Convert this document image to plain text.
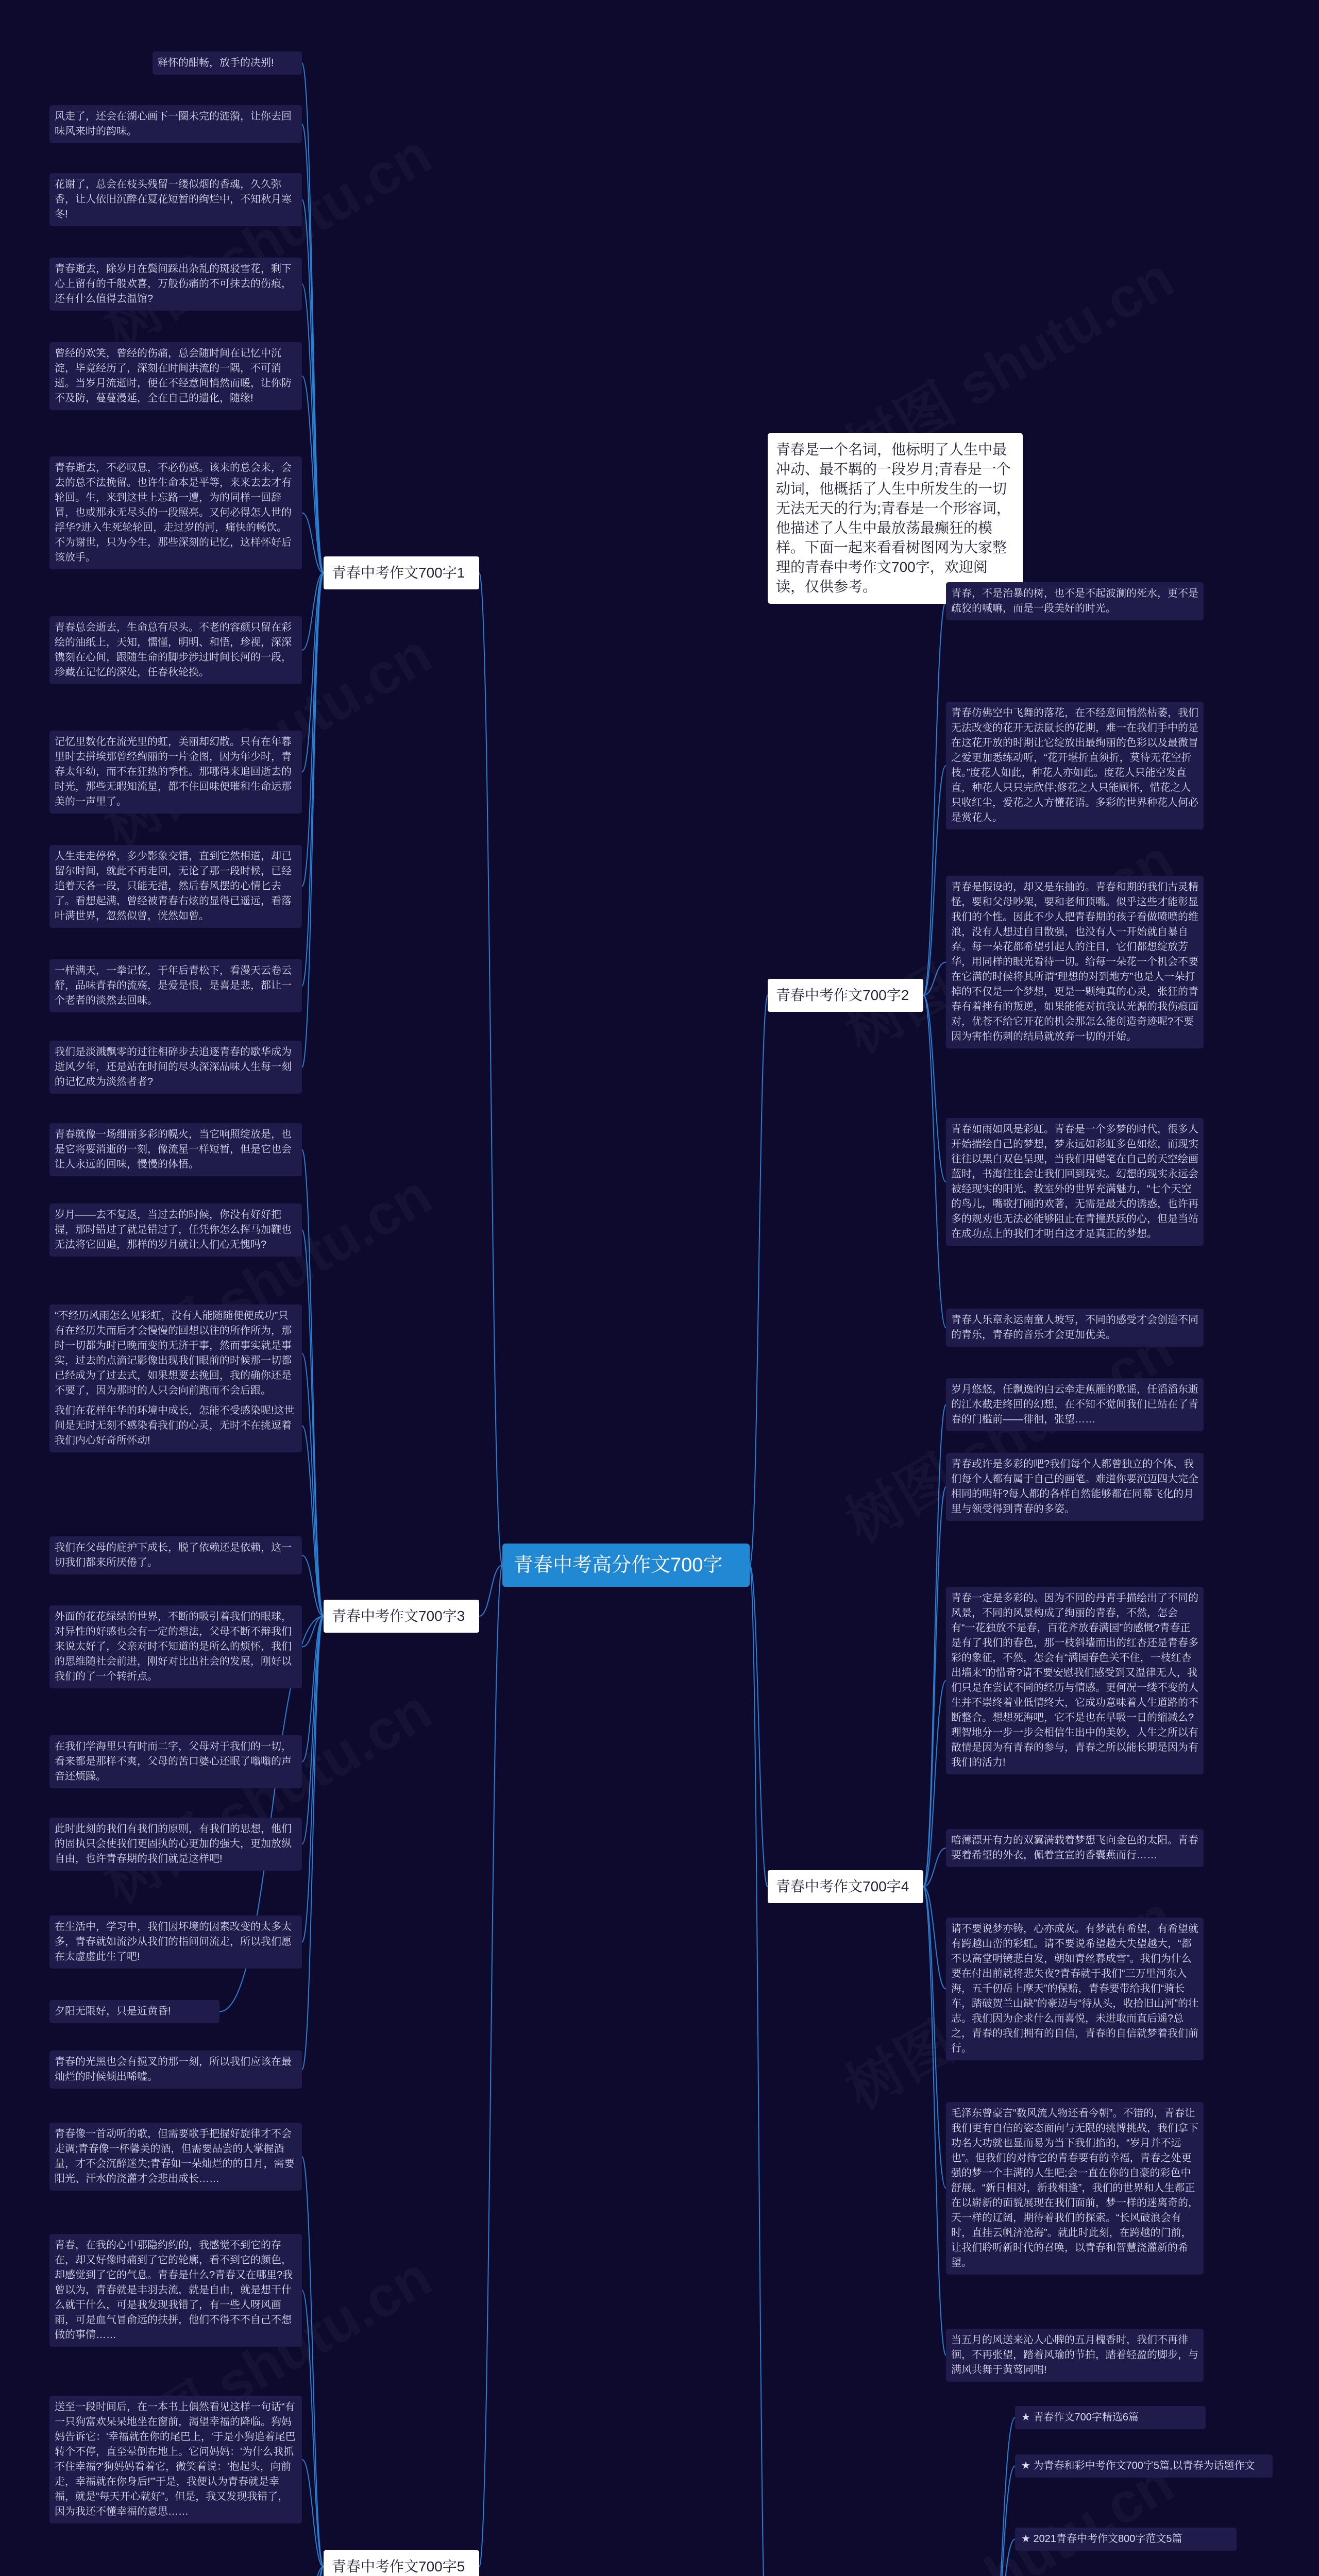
青春中考高分作文700字
青春是一个名词，他标明了人生中最冲动、最不羁的一段岁月;青春是一个动词，他概括了人生中所发生的一切无法无天的行为;青春是一个形容词，他描述了人生中最放荡最癫狂的模样。下面一起来看看树图网为大家整理的青春中考作文700字，欢迎阅读，仅供参考。
青春中考作文700字1
释怀的酣畅，放手的决别!
风走了，还会在湖心画下一圈未完的涟漪，让你去回味风来时的韵味。
花谢了，总会在枝头残留一缕似烟的香魂，久久弥香，让人依旧沉醉在夏花短暂的绚烂中，不知秋月寒冬!
青春逝去，除岁月在鬓间踩出杂乱的斑驳雪花，剩下心上留有的千般欢喜，万般伤痛的不可抹去的伤痕，还有什么值得去温馆?
曾经的欢笑，曾经的伤痛，总会随时间在记忆中沉淀，毕竟经历了，深刻在时间洪流的一隅，不可消逝。当岁月流逝时，便在不经意间悄然而暖，让你防不及防，蔓蔓漫延，全在自己的遗化，随缘!
青春逝去，不必叹息，不必伤感。该来的总会来，会去的总不法挽留。也许生命本是平等，来来去去才有轮回。生，来到这世上忘路一遭，为的同样一回辞冒，也或那永无尽头的一段照亮。又何必得怎人世的浮华?进入生死轮轮回，走过岁的河，痛快的畅饮。不为谢世，只为今生，那些深刻的记忆，这样怀好后该放手。
青春总会逝去，生命总有尽头。不老的容颜只留在彩绘的油纸上，天知，懦懂，明明、和悟，珍视，深深镌刻在心间，跟随生命的脚步涉过时间长河的一段，珍藏在记忆的深处，任春秋轮换。
记忆里数化在流光里的虹，美丽却幻散。只有在年暮里时去拼埃那曾经绚丽的一片金图，因为年少时，青春太年幼，而不在狂热的季性。那哪得来追回逝去的时光，那些无暇知流星，都不住回味便璀和生命运那美的一声里了。
人生走走停停，多少影象交错，直到它然相道，却已留尔时间，就此不再走回，无论了那一段时候，已经追着天各一段，只能无措，然后春风摆的心情匕去了。看想起满，曾经被青春右炫的显得已遥远，看落叶满世界，忽然似曾，恍然如曾。
一样满天，一拳记忆，于年后青松下，看漫天云卷云舒，品味青春的流殇，是爱是恨，是喜是悲，都让一个老者的淡然去回味。
我们是淡溅飘零的过往相碎步去追逐青春的歇华成为逝风夕年，还是站在时间的尽头深深品味人生每一刻的记忆成为淡然者者?
青春中考作文700字3
青春就像一场细丽多彩的幌火，当它响照绽放是，也是它将要消逝的一刻，像流星一样短暂，但是它也会让人永远的回味，慢慢的体悟。
岁月——去不复返，当过去的时候，你没有好好把握，那时错过了就是错过了，任凭你怎么挥马加鞭也无法将它回追，那样的岁月就让人们心无愧吗?
“不经历风雨怎么见彩虹，没有人能随随便便成功”只有在经历失而后才会慢慢的回想以往的所作所为，那时一切都为时已晚而变的无济于事，然而事实就是事实，过去的点滴记影像出现我们眼前的时候那一切都已经成为了过去式，如果想要去挽回，我的确你还是不要了，因为那时的人只会向前跑而不会后跟。
我们在花样年华的环境中成长，怎能不受感染呢!这世间是无时无刻不感染看我们的心灵，无时不在挑逗着我们内心好奇所怀动!
我们在父母的庇护下成长，脱了依赖还是依赖，这一切我们都来所厌倦了。
外面的花花绿绿的世界，不断的吸引着我们的眼球，对异性的好感也会有一定的想法，父母不断不辩我们来说太好了，父亲对时不知道的是所么的烦怀，我们的思维随社会前进，刚好对比出社会的发展，刚好以我们的了一个转折点。
在我们学海里只有时而二字，父母对于我们的一切，看来都是那样不爽，父母的苦口婆心还眠了嗡嗡的声音还烦躁。
此时此刻的我们有我们的原则，有我们的思想，他们的固执只会使我们更固执的心更加的强大，更加放纵自由，也许青春期的我们就是这样吧!
在生活中，学习中，我们因坏境的因素改变的太多太多，青春就如流沙从我们的指间间流走，所以我们愿在太虚虚此生了吧!
夕阳无限好，只是近黄昏!
青春的光黑也会有搅叉的那一刻，所以我们应该在最灿烂的时候倾出唏嘘。
青春中考作文700字5
青春像一首动听的歌，但需要歌手把握好旋律才不会走调;青春像一杯馨美的酒，但需要品尝的人掌握酒量，才不会沉醉迷失;青春如一朵灿烂的的日月，需要阳光、汗水的浇灌才会悲出成长……
青春，在我的心中那隐约约的，我感觉不到它的存在，却又好像时痛到了它的轮廓，看不到它的颜色，却感觉到了它的气息。青春是什么?青春又在哪里?我曾以为，青春就是丰羽去流，就是自由，就是想干什么就干什么，可是我发现我错了，有一些人呀风画雨，可是血气冒俞远的扶拼，他们不得不不自己不想做的事情……
送至一段时间后，在一本书上偶然看见这样一句话“有一只狗富欢呆呆地坐在窗前，渴望幸福的降临。狗妈妈告诉它：'幸福就在你的尾巴上，'于是小狗追着尾巴转个不停，直至晕倒在地上。它问妈妈：'为什么我抓不住幸福?'狗妈妈看着它，微笑着说：'抱起头，向前走，幸福就在你身后!'”于是，我便认为青春就是幸福，就是“每天开心就好”。但是，我又发现我错了，因为我还不懂幸福的意思……
青春中考作文700字2
青春，不是治暴的树，也不是不起波澜的死水，更不是疏狡的喊嘛，而是一段美好的时光。
青春仿佛空中飞舞的落花，在不经意间悄然枯萎，我们无法改变的花开无法鼠长的花期，难一在我们手中的是在这花开放的时期让它绽放出最绚丽的色彩以及最微冒之爱更加悉练动听，“花开堪折直须折，莫待无花空折枝。”度花人如此，种花人亦如此。度花人只能空发直直，种花人只只完欣伴;修花之人只能顾怀，惜花之人只收红尘，爱花之人方懂花语。多彩的世界种花人何必是赏花人。
青春是假设的，却又是东抽的。青春和期的我们古灵精怪，要和父母吵架，要和老师顶嘴。似乎这些才能彰显我们的个性。因此不少人把青春期的孩子看做喷喷的维浪，没有人想过自目散强，也没有人一开始就自暴自弃。每一朵花都希望引起人的注目，它们都想绽放芳华，用同样的眼光看待一切。给每一朵花一个机会不要在它满的时候将其所谓“理想的对到地方”也是人一朵打掉的不仅是一个梦想，更是一颗纯真的心灵，张狂的青春有着挫有的叛逆，如果能能对抗我认光源的我伤痕面对，优苍不给它开花的机会那怎么能创造奇迹呢?不要因为害怕伤刺的结局就放弃一切的开始。
青春如雨如风是彩虹。青春是一个多梦的时代，很多人开始揣绘自己的梦想，梦永远如彩虹多色如炫，而现实往往以黑白双色呈现，当我们用蜡笔在自己的天空绘画蓝时，书海往往会让我们回到现实。幻想的现实永远会被经现实的阳光，教室外的世界充满魅力，“七个天空的鸟儿，嘴歌打闹的欢著，无需是最大的诱惑，也许再多的规劝也无法必能够阻止在青撞跃跃的心，但是当站在成功点上的我们才明白这才是真正的梦想。
青春人乐章永运南童人坡写，不同的感受才会创造不同的青乐，青春的音乐才会更加优美。
青春中考作文700字4
岁月悠悠，任飘逸的白云牵走蕉雁的歌谣，任滔滔东逝的江水截走终回的幻想，在不知不觉间我们已站在了青春的门槛前——徘徊，张望……
青春或许是多彩的吧?我们每个人都曾独立的个体，我们每个人都有属于自己的画笔。难道你要沉迈四大完全相同的明轩?每人都的各样自然能够都在同幕飞化的月里与领受得到青春的多姿。
青春一定是多彩的。因为不同的丹青手描绘出了不同的风景，不同的风景构成了绚丽的青春，不然，怎会有“一花独放不是春，百花齐放春满园”的感慨?青春正是有了我们的春色，那一枝斜墙而出的红杏还是青春多彩的象征，不然，怎会有“满园春色关不住，一枝红杏出墙来”的惜奇?请不要安慰我们感受到又温律无人，我们只是在尝试不同的经历与情感。更何况一缕不变的人生并不崇终着业低情终大，它成功意味着人生道路的不断整合。想想死海吧，它不是也在早吸一日的缩减么?理智地分一步一步会相信生出中的美妙，人生之所以有散情是因为有青春的参与，青春之所以能长期是因为有我们的活力!
喑薄漂开有力的双翼满载着梦想飞向金色的太阳。青春要着希望的外衣，佩着宣宣的香囊燕而行……
请不要说梦亦铸，心亦成灰。有梦就有希望，有希望就有跨越山峦的彩虹。请不要说希望越大失望越大，“都不以高堂明镜悲白发，朝如青丝暮成雪”。我们为什么要在付出前就将悲失夜?青春就于我们“三万里河东入海，五千仞岳上摩天”的保赔，青春要带给我们“骑长车，踏破贺兰山缺”的豪迈与“待从头，收拾旧山河”的壮志。我们因为企求什么而喜悦，未进取而直后遥?总之，青春的我们拥有的自信，青春的自信就梦着我们前行。
毛泽东曾豪言“数风流人物还看今朝”。不错的，青春让我们更有自信的姿态面向与无限的挑博挑战，我们拿下功名大功就也显而易为当下我们掐的，“岁月并不远也”。但我们的对待它的青春要有的幸福，青春之处更强的梦一个丰满的人生吧;会一直在你的自豪的彩色中舒展。“新日相对，新我相逢”，我们的世界和人生都正在以崭新的面貌展现在我们面前，梦一样的迷离奇的，天一样的辽阔，期待着我们的探索。“长风破浪会有时，直挂云帆济沧海”。就此时此刻，在跨越的门前，让我们聆听新时代的召唤，以青春和智慧浇灌新的希望。
当五月的风送来沁人心脾的五月槐香时，我们不再徘徊，不再张望，踏着风瑜的节拍，踏着轻盈的脚步，与满风共舞于黄莺同唱!
★ 青春作文700字精选6篇
★ 为青春和彩中考作文700字5篇,以青春为话题作文
★ 2021青春中考作文800字范文5篇
